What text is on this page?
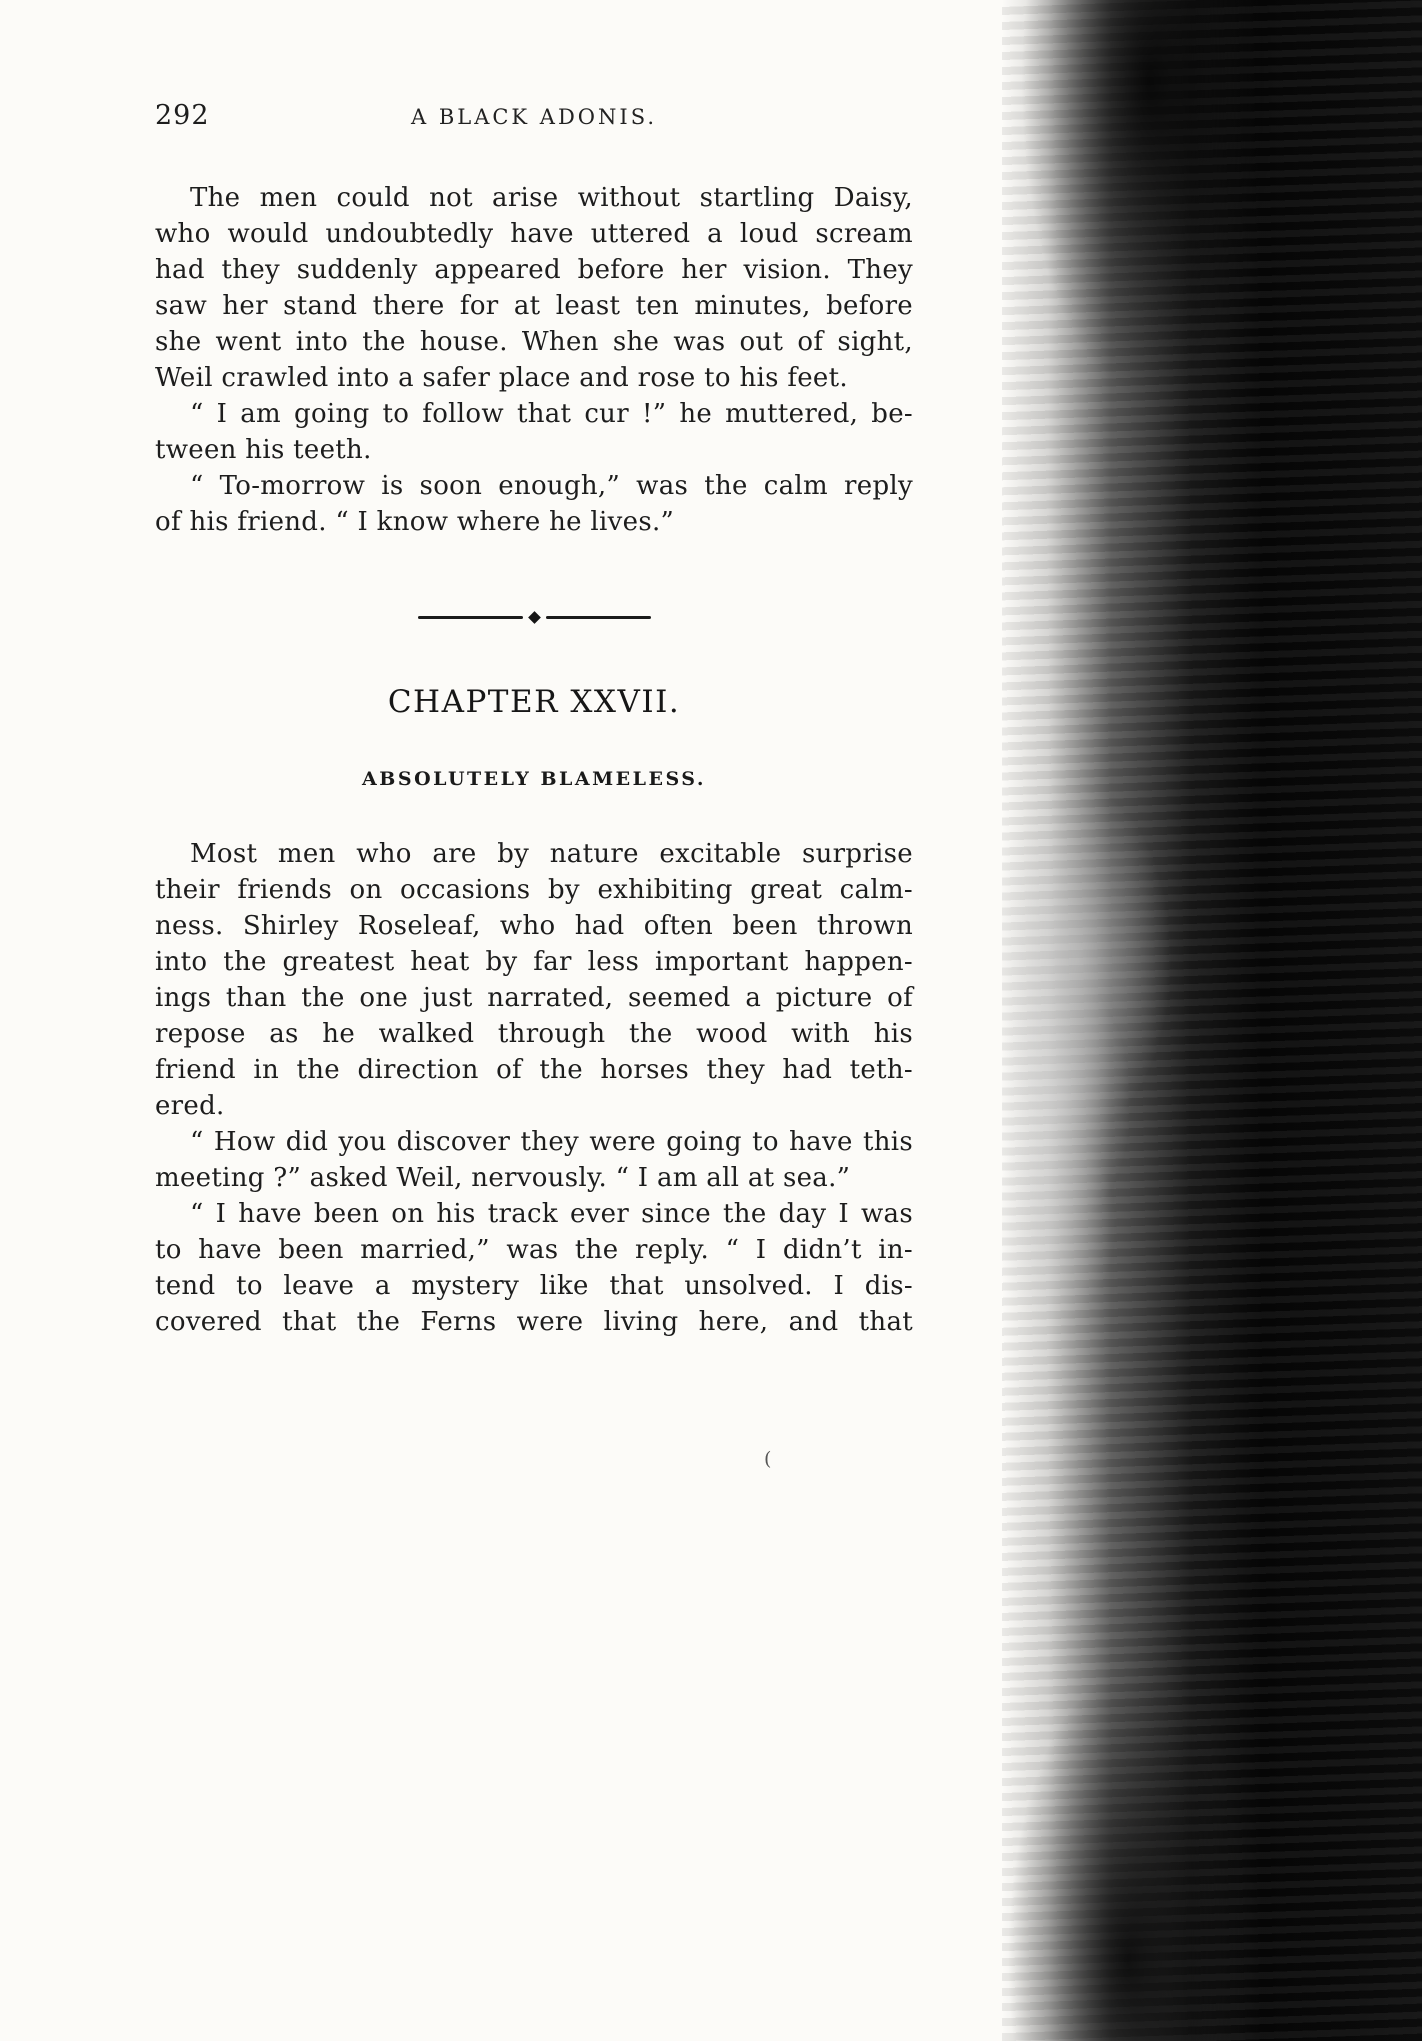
292	A BLACK ADONIS.
The men could not arise without startling Daisy,
who would undoubtedly have uttered a loud scream
had they suddenly appeared before her vision. They
saw her stand there for at least ten minutes, before
she went into the house. When she was out of sight,
Weil crawled into a safer place and rose to his feet.
“ I am going to follow that cur !” he muttered, be-
tween his teeth.
“ To-morrow is soon enough,” was the calm reply
of his friend. “ I know where he lives.”
CHAPTER XXVII.
ABSOLUTELY BLAMELESS.
Most men who are by nature excitable surprise
their friends on occasions by exhibiting great calm-
ness. Shirley Roseleaf, who had often been thrown
into the greatest heat by far less important happen-
ings than the one just narrated, seemed a picture of
repose as he walked through the wood with his
friend in the direction of the horses they had teth-
ered.
“ How did you discover they were going to have this
meeting ?” asked Weil, nervously. “ I am all at sea.”
“ I have been on his track ever since the day I was
to have been married,” was the reply. “ I didn’t in-
tend to leave a mystery like that unsolved. I dis-
covered that the Ferns were living here, and that
(
